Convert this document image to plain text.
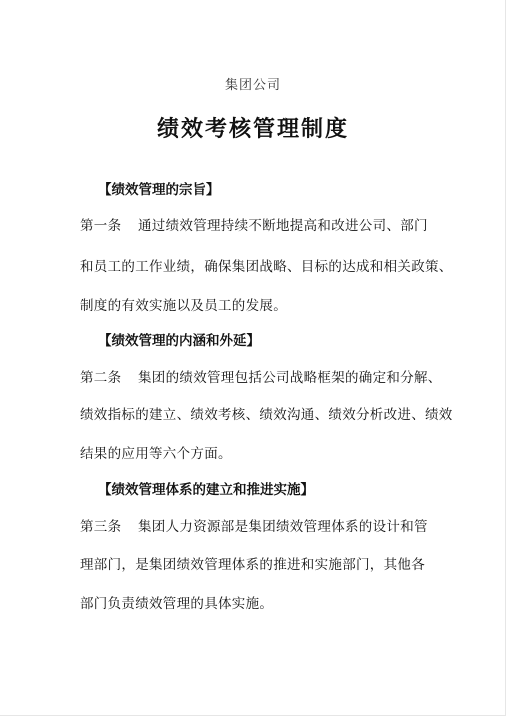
集团公司
绩效考核管理制度
【绩效管理的宗旨】
第一条 通过绩效管理持续不断地提高和改进公司、部门
和员工的工作业绩，确保集团战略、目标的达成和相关政策、
制度的有效实施以及员工的发展。
【绩效管理的内涵和外延】
第二条 集团的绩效管理包括公司战略框架的确定和分解、
绩效指标的建立、绩效考核、绩效沟通、绩效分析改进、绩效
结果的应用等六个方面。
【绩效管理体系的建立和推进实施】
第三条 集团人力资源部是集团绩效管理体系的设计和管
理部门，是集团绩效管理体系的推进和实施部门，其他各
部门负责绩效管理的具体实施。
